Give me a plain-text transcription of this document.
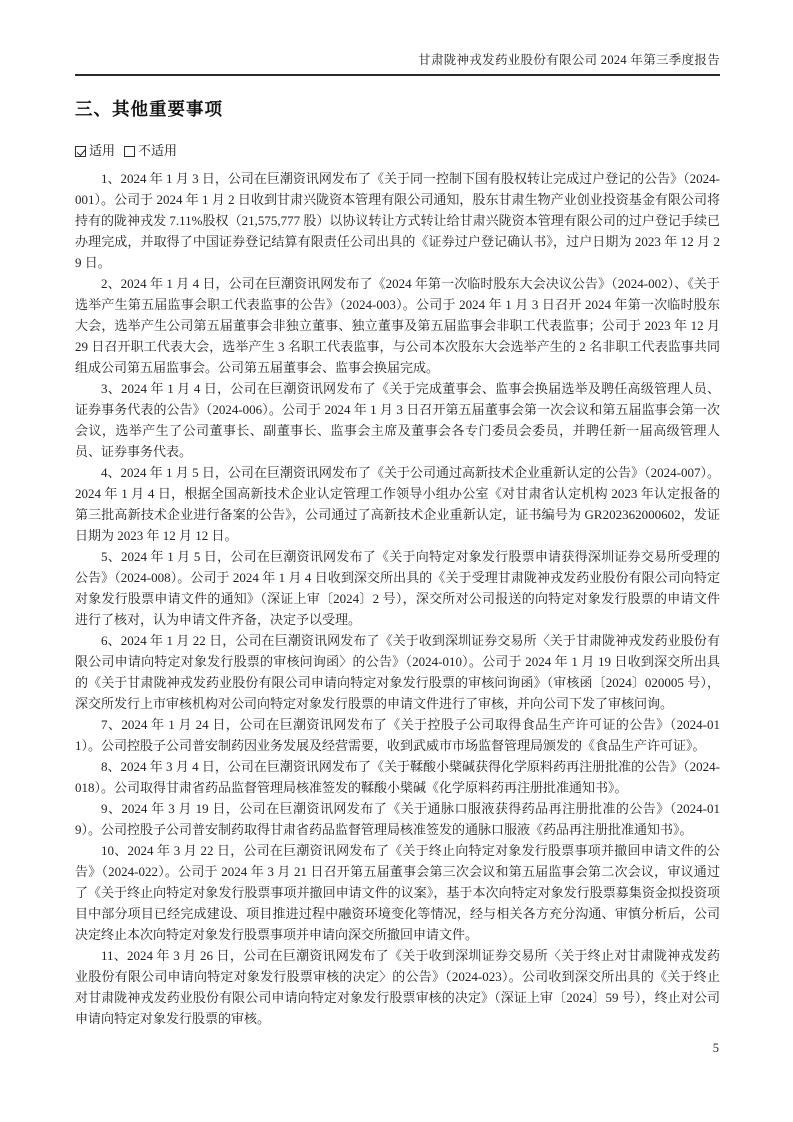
甘肃陇神戎发药业股份有限公司 2024 年第三季度报告
三、其他重要事项
适用 不适用

1、2024 年 1 月 3 日，公司在巨潮资讯网发布了《关于同一控制下国有股权转让完成过户登记的公告》（2024-001）。公司于 2024 年 1 月 2 日收到甘肃兴陇资本管理有限公司通知，股东甘肃生物产业创业投资基金有限公司将持有的陇神戎发 7.11%股权（21,575,777 股）以协议转让方式转让给甘肃兴陇资本管理有限公司的过户登记手续已办理完成，并取得了中国证券登记结算有限责任公司出具的《证券过户登记确认书》，过户日期为 2023 年 12 月 29 日。

2、2024 年 1 月 4 日，公司在巨潮资讯网发布了《2024 年第一次临时股东大会决议公告》（2024-002）、《关于选举产生第五届监事会职工代表监事的公告》（2024-003）。公司于 2024 年 1 月 3 日召开 2024 年第一次临时股东大会，选举产生公司第五届董事会非独立董事、独立董事及第五届监事会非职工代表监事；公司于 2023 年 12 月 29 日召开职工代表大会，选举产生 3 名职工代表监事，与公司本次股东大会选举产生的 2 名非职工代表监事共同组成公司第五届监事会。公司第五届董事会、监事会换届完成。

3、2024 年 1 月 4 日，公司在巨潮资讯网发布了《关于完成董事会、监事会换届选举及聘任高级管理人员、证券事务代表的公告》（2024-006）。公司于 2024 年 1 月 3 日召开第五届董事会第一次会议和第五届监事会第一次会议，选举产生了公司董事长、副董事长、监事会主席及董事会各专门委员会委员，并聘任新一届高级管理人员、证券事务代表。

4、2024 年 1 月 5 日，公司在巨潮资讯网发布了《关于公司通过高新技术企业重新认定的公告》（2024-007）。2024 年 1 月 4 日，根据全国高新技术企业认定管理工作领导小组办公室《对甘肃省认定机构 2023 年认定报备的第三批高新技术企业进行备案的公告》，公司通过了高新技术企业重新认定，证书编号为 GR202362000602，发证日期为 2023 年 12 月 12 日。

5、2024 年 1 月 5 日，公司在巨潮资讯网发布了《关于向特定对象发行股票申请获得深圳证券交易所受理的公告》（2024-008）。公司于 2024 年 1 月 4 日收到深交所出具的《关于受理甘肃陇神戎发药业股份有限公司向特定对象发行股票申请文件的通知》（深证上审〔2024〕2 号），深交所对公司报送的向特定对象发行股票的申请文件进行了核对，认为申请文件齐备，决定予以受理。

6、2024 年 1 月 22 日，公司在巨潮资讯网发布了《关于收到深圳证券交易所〈关于甘肃陇神戎发药业股份有限公司申请向特定对象发行股票的审核问询函〉的公告》（2024-010）。公司于 2024 年 1 月 19 日收到深交所出具的《关于甘肃陇神戎发药业股份有限公司申请向特定对象发行股票的审核问询函》（审核函〔2024〕020005 号），深交所发行上市审核机构对公司向特定对象发行股票的申请文件进行了审核，并向公司下发了审核问询。

7、2024 年 1 月 24 日，公司在巨潮资讯网发布了《关于控股子公司取得食品生产许可证的公告》（2024-011）。公司控股子公司普安制药因业务发展及经营需要，收到武威市市场监督管理局颁发的《食品生产许可证》。

8、2024 年 3 月 4 日，公司在巨潮资讯网发布了《关于鞣酸小檗碱获得化学原料药再注册批准的公告》（2024-018）。公司取得甘肃省药品监督管理局核准签发的鞣酸小檗碱《化学原料药再注册批准通知书》。

9、2024 年 3 月 19 日，公司在巨潮资讯网发布了《关于通脉口服液获得药品再注册批准的公告》（2024-019）。公司控股子公司普安制药取得甘肃省药品监督管理局核准签发的通脉口服液《药品再注册批准通知书》。

10、2024 年 3 月 22 日，公司在巨潮资讯网发布了《关于终止向特定对象发行股票事项并撤回申请文件的公告》（2024-022）。公司于 2024 年 3 月 21 日召开第五届董事会第三次会议和第五届监事会第二次会议，审议通过了《关于终止向特定对象发行股票事项并撤回申请文件的议案》，基于本次向特定对象发行股票募集资金拟投资项目中部分项目已经完成建设、项目推进过程中融资环境变化等情况，经与相关各方充分沟通、审慎分析后，公司决定终止本次向特定对象发行股票事项并申请向深交所撤回申请文件。

11、2024 年 3 月 26 日，公司在巨潮资讯网发布了《关于收到深圳证券交易所〈关于终止对甘肃陇神戎发药业股份有限公司申请向特定对象发行股票审核的决定〉的公告》（2024-023）。公司收到深交所出具的《关于终止对甘肃陇神戎发药业股份有限公司申请向特定对象发行股票审核的决定》（深证上审〔2024〕59 号），终止对公司申请向特定对象发行股票的审核。

5
